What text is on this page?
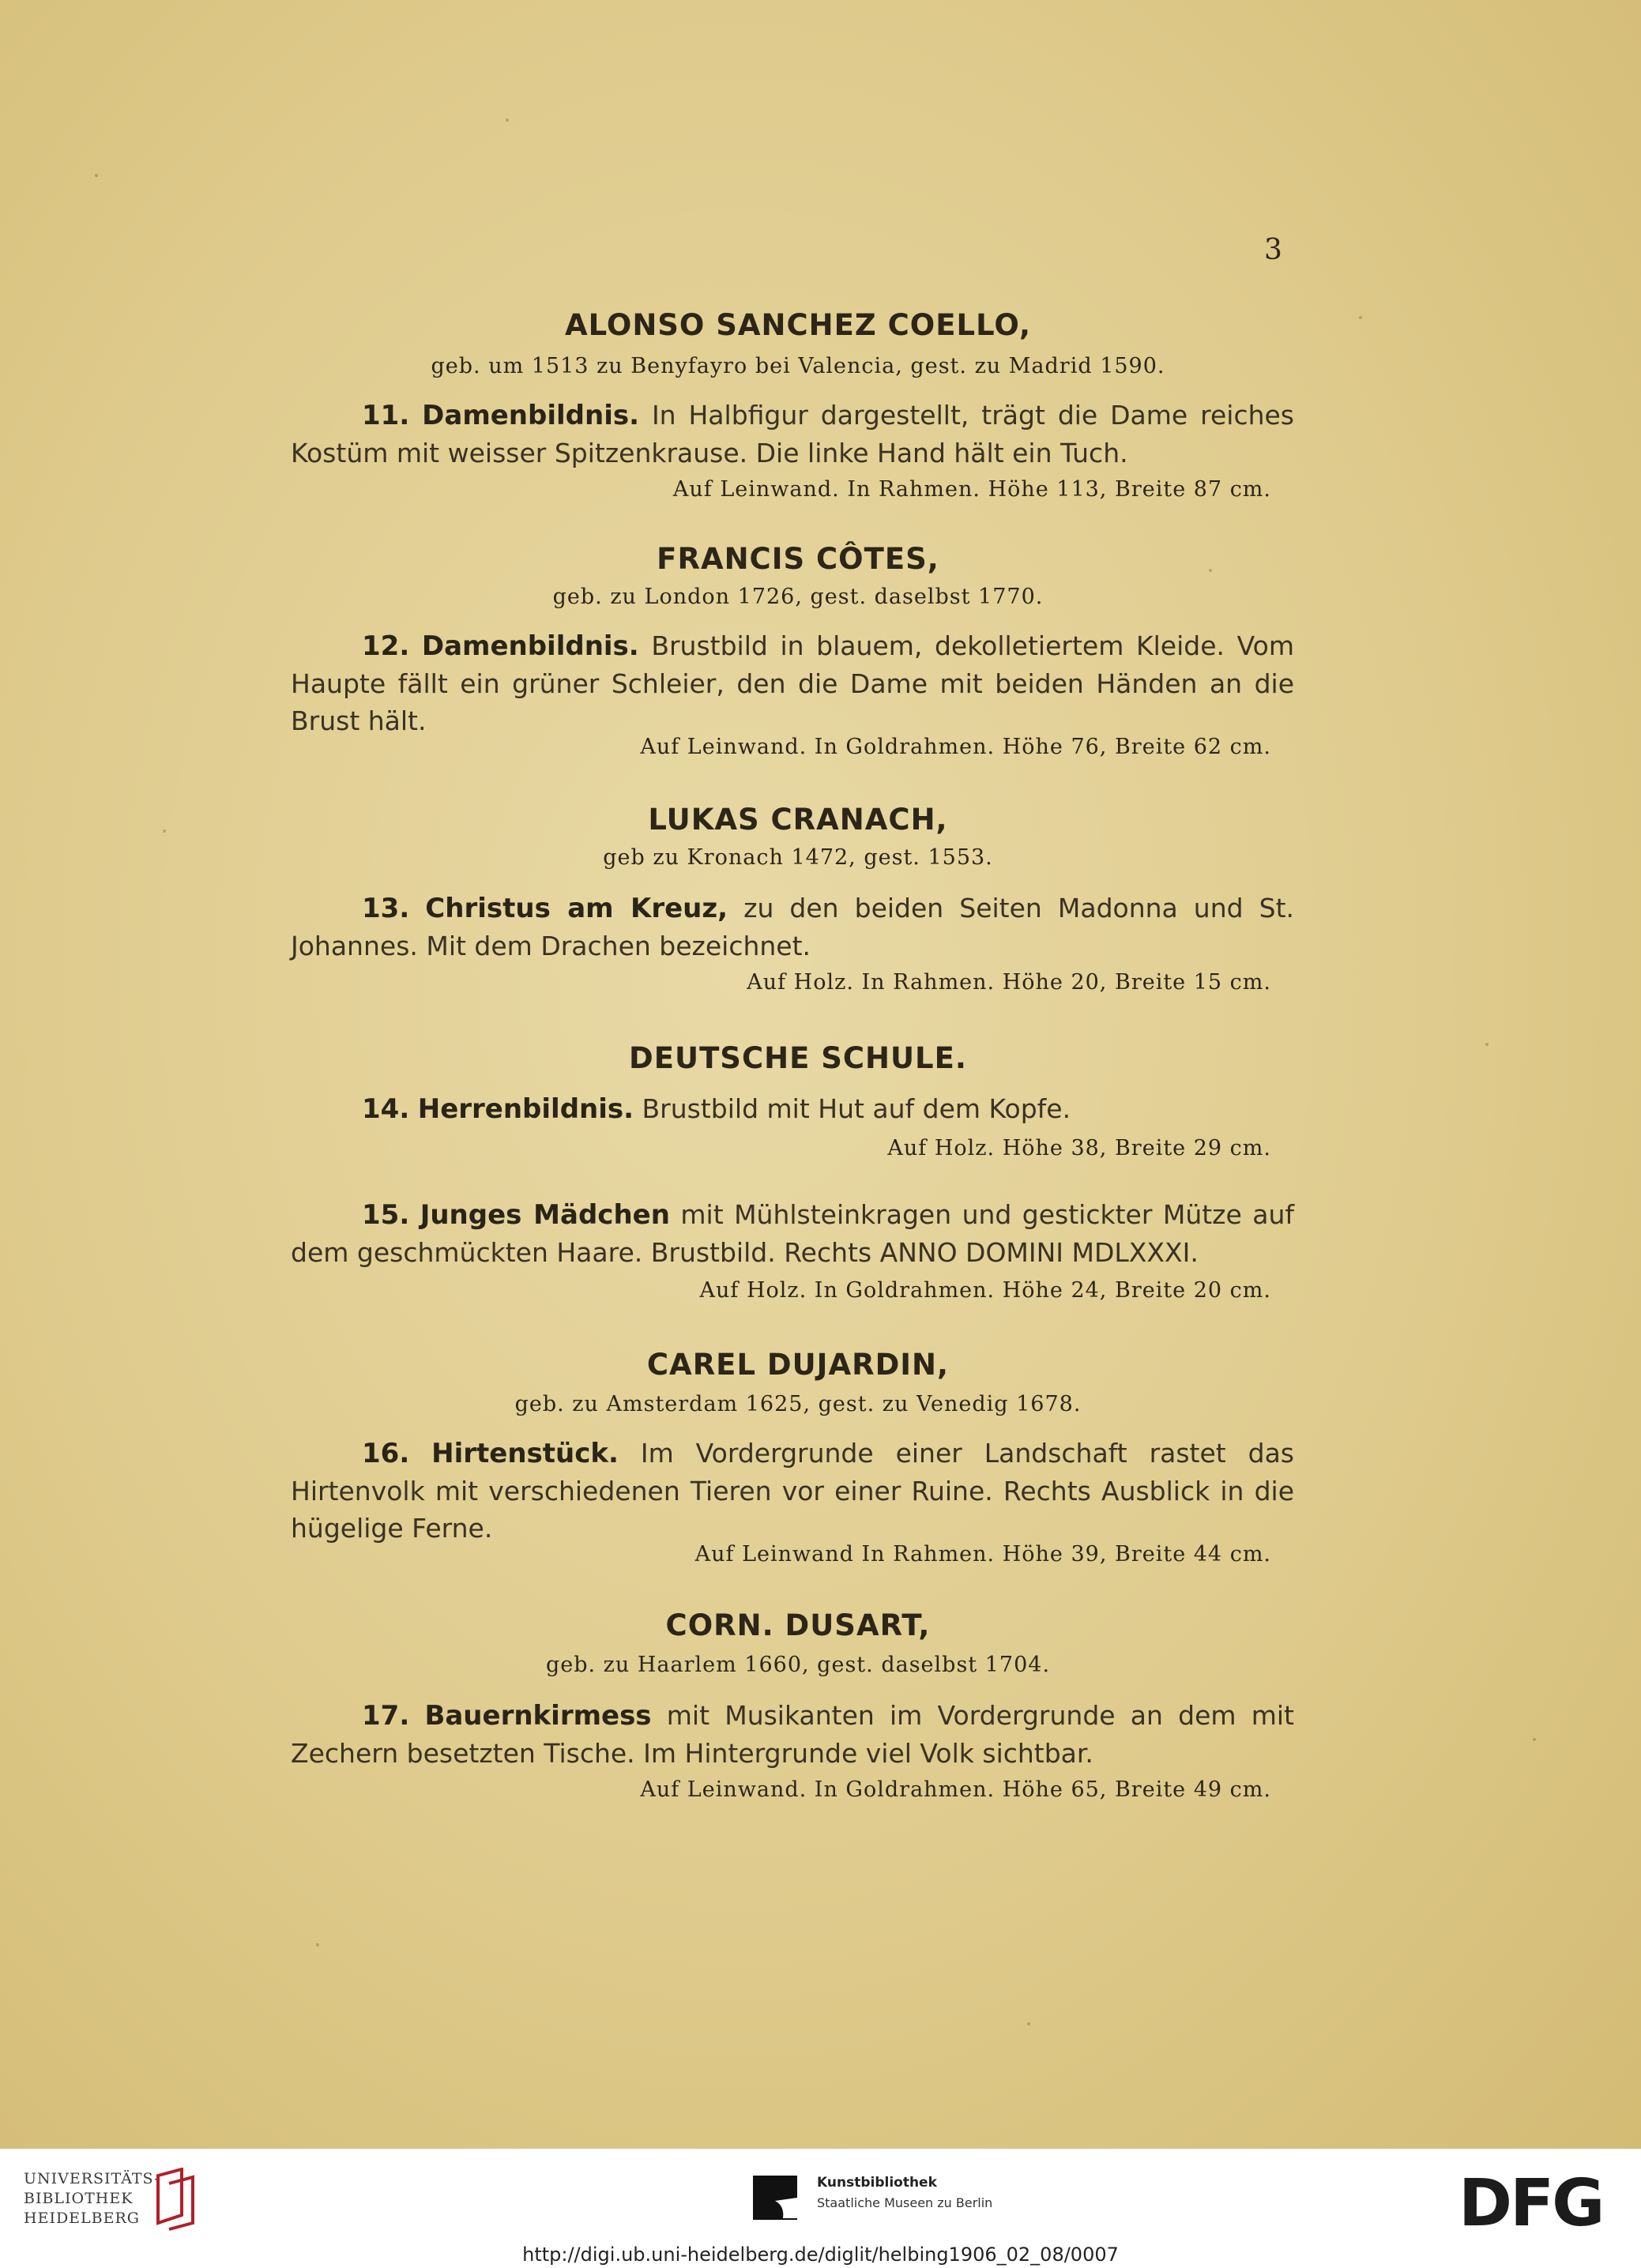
3
ALONSO SANCHEZ COELLO,
geb. um 1513 zu Benyfayro bei Valencia, gest. zu Madrid 1590.
11. Damenbildnis. In Halbfigur dargestellt, trägt die Dame reiches Kostüm mit weisser Spitzenkrause. Die linke Hand hält ein Tuch.
Auf Leinwand. In Rahmen. Höhe 113, Breite 87 cm.
FRANCIS CÔTES,
geb. zu London 1726, gest. daselbst 1770.
12. Damenbildnis. Brustbild in blauem, dekolletiertem Kleide. Vom Haupte fällt ein grüner Schleier, den die Dame mit beiden Händen an die Brust hält.
Auf Leinwand. In Goldrahmen. Höhe 76, Breite 62 cm.
LUKAS CRANACH,
geb zu Kronach 1472, gest. 1553.
13. Christus am Kreuz, zu den beiden Seiten Madonna und St. Johannes. Mit dem Drachen bezeichnet.
Auf Holz. In Rahmen. Höhe 20, Breite 15 cm.
DEUTSCHE SCHULE.
14. Herrenbildnis. Brustbild mit Hut auf dem Kopfe.
Auf Holz. Höhe 38, Breite 29 cm.
15. Junges Mädchen mit Mühlsteinkragen und gestickter Mütze auf dem geschmückten Haare. Brustbild. Rechts ANNO DOMINI MDLXXXI.
Auf Holz. In Goldrahmen. Höhe 24, Breite 20 cm.
CAREL DUJARDIN,
geb. zu Amsterdam 1625, gest. zu Venedig 1678.
16. Hirtenstück. Im Vordergrunde einer Landschaft rastet das Hirtenvolk mit verschiedenen Tieren vor einer Ruine. Rechts Ausblick in die hügelige Ferne.
Auf Leinwand In Rahmen. Höhe 39, Breite 44 cm.
CORN. DUSART,
geb. zu Haarlem 1660, gest. daselbst 1704.
17. Bauernkirmess mit Musikanten im Vordergrunde an dem mit Zechern besetzten Tische. Im Hintergrunde viel Volk sichtbar.
Auf Leinwand. In Goldrahmen. Höhe 65, Breite 49 cm.
UNIVERSITÄTS-
BIBLIOTHEK
HEIDELBERG
Kunstbibliothek
Staatliche Museen zu Berlin	DFG
http://digi.ub.uni-heidelberg.de/diglit/helbing1906_02_08/0007
